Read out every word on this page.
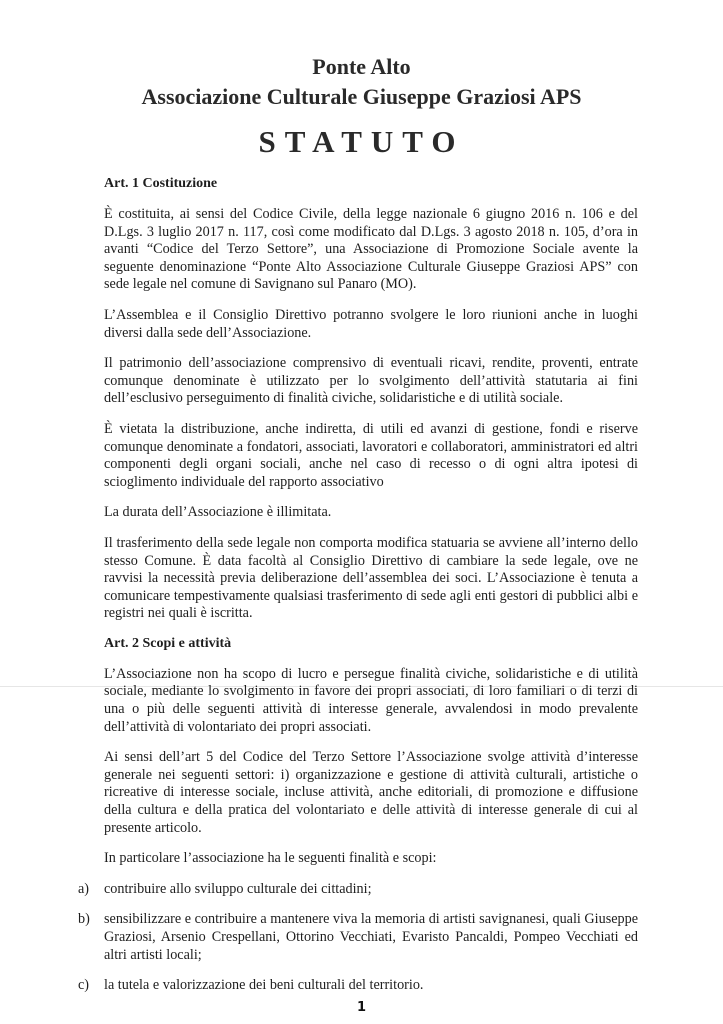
Ponte Alto
Associazione Culturale Giuseppe Graziosi APS
STATUTO
Art. 1 Costituzione

È costituita, ai sensi del Codice Civile, della legge nazionale 6 giugno 2016 n. 106 e del D.Lgs. 3 luglio 2017 n. 117, così come modificato dal D.Lgs. 3 agosto 2018 n. 105, d’ora in avanti “Codice del Terzo Settore”, una Associazione di Promozione Sociale avente la seguente denominazione “Ponte Alto Associazione Culturale Giuseppe Graziosi APS” con sede legale nel comune di Savignano sul Panaro (MO).

L’Assemblea e il Consiglio Direttivo potranno svolgere le loro riunioni anche in luoghi diversi dalla sede dell’Associazione.

Il patrimonio dell’associazione comprensivo di eventuali ricavi, rendite, proventi, entrate comunque denominate è utilizzato per lo svolgimento dell’attività statutaria ai fini dell’esclusivo perseguimento di finalità civiche, solidaristiche e di utilità sociale.

È vietata la distribuzione, anche indiretta, di utili ed avanzi di gestione, fondi e riserve comunque denominate a fondatori, associati, lavoratori e collaboratori, amministratori ed altri componenti degli organi sociali, anche nel caso di recesso o di ogni altra ipotesi di scioglimento individuale del rapporto associativo

La durata dell’Associazione è illimitata.

Il trasferimento della sede legale non comporta modifica statuaria se avviene all’interno dello stesso Comune. È data facoltà al Consiglio Direttivo di cambiare la sede legale, ove ne ravvisi la necessità previa deliberazione dell’assemblea dei soci. L’Associazione è tenuta a comunicare tempestivamente qualsiasi trasferimento di sede agli enti gestori di pubblici albi e registri nei quali è iscritta.

Art. 2 Scopi e attività

L’Associazione non ha scopo di lucro e persegue finalità civiche, solidaristiche e di utilità sociale, mediante lo svolgimento in favore dei propri associati, di loro familiari o di terzi di una o più delle seguenti attività di interesse generale, avvalendosi in modo prevalente dell’attività di volontariato dei propri associati.

Ai sensi dell’art 5 del Codice del Terzo Settore l’Associazione svolge attività d’interesse generale nei seguenti settori: i) organizzazione e gestione di attività culturali, artistiche o ricreative di interesse sociale, incluse attività, anche editoriali, di promozione e diffusione della cultura e della pratica del volontariato e delle attività di interesse generale di cui al presente articolo.

In particolare l’associazione ha le seguenti finalità e scopi:

a) contribuire allo sviluppo culturale dei cittadini;
b) sensibilizzare e contribuire a mantenere viva la memoria di artisti savignanesi, quali Giuseppe Graziosi, Arsenio Crespellani, Ottorino Vecchiati, Evaristo Pancaldi, Pompeo Vecchiati ed altri artisti locali;
c) la tutela e valorizzazione dei beni culturali del territorio.
1
